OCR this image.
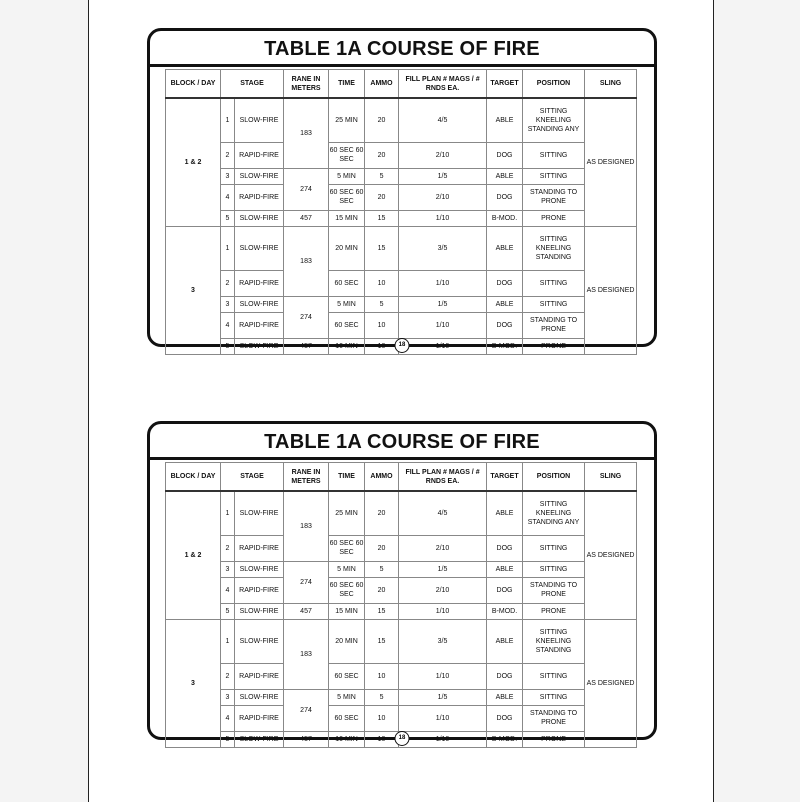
TABLE 1A COURSE OF FIRE
BLOCK / DAY	STAGE		RANE IN METERS	TIME	AMMO	FILL PLAN # MAGS / # RNDS EA.	TARGET	POSITION	SLING
1 & 2	1	SLOW-FIRE	183	25 MIN	20	4/5	ABLE	SITTING KNEELING STANDING ANY	AS DESIGNED
	2	RAPID-FIRE		60 SEC 60 SEC	20	2/10	DOG	SITTING	
	3	SLOW-FIRE	274	5 MIN	5	1/5	ABLE	SITTING	
	4	RAPID-FIRE		60 SEC 60 SEC	20	2/10	DOG	STANDING TO PRONE	
	5	SLOW-FIRE	457	15 MIN	15	1/10	B-MOD.	PRONE	
3	1	SLOW-FIRE	183	20 MIN	15	3/5	ABLE	SITTING KNEELING STANDING	AS DESIGNED
	2	RAPID-FIRE		60 SEC	10	1/10	DOG	SITTING	
	3	SLOW-FIRE	274	5 MIN	5	1/5	ABLE	SITTING	
	4	RAPID-FIRE		60 SEC	10	1/10	DOG	STANDING TO PRONE	
	5	SLOW-FIRE	457	10 MIN	10	1/10	B-MOD.	PRONE	
18
TABLE 1A COURSE OF FIRE
BLOCK / DAY	STAGE		RANE IN METERS	TIME	AMMO	FILL PLAN # MAGS / # RNDS EA.	TARGET	POSITION	SLING
1 & 2	1	SLOW-FIRE	183	25 MIN	20	4/5	ABLE	SITTING KNEELING STANDING ANY	AS DESIGNED
	2	RAPID-FIRE		60 SEC 60 SEC	20	2/10	DOG	SITTING	
	3	SLOW-FIRE	274	5 MIN	5	1/5	ABLE	SITTING	
	4	RAPID-FIRE		60 SEC 60 SEC	20	2/10	DOG	STANDING TO PRONE	
	5	SLOW-FIRE	457	15 MIN	15	1/10	B-MOD.	PRONE	
3	1	SLOW-FIRE	183	20 MIN	15	3/5	ABLE	SITTING KNEELING STANDING	AS DESIGNED
	2	RAPID-FIRE		60 SEC	10	1/10	DOG	SITTING	
	3	SLOW-FIRE	274	5 MIN	5	1/5	ABLE	SITTING	
	4	RAPID-FIRE		60 SEC	10	1/10	DOG	STANDING TO PRONE	
	5	SLOW-FIRE	457	10 MIN	10	1/10	B-MOD.	PRONE	
18
